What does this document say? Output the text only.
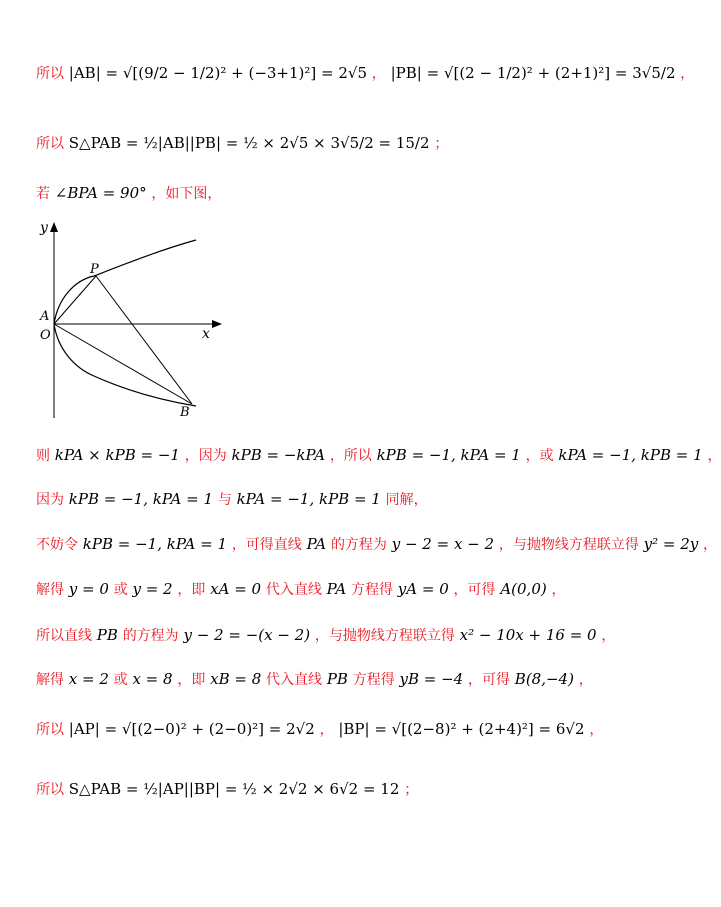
所以 |AB| = √[(9/2 − 1/2)² + (−3+1)²] = 2√5 ， |PB| = √[(2 − 1/2)² + (2+1)²] = 3√5/2 ，
所以 S△PAB = ½|AB||PB| = ½ × 2√5 × 3√5/2 = 15/2 ；
若 ∠BPA = 90° ，如下图，
y
x
A
O
P
B
则 kPA × kPB = −1 ，因为 kPB = −kPA ，所以 kPB = −1, kPA = 1 ，或 kPA = −1, kPB = 1 ，
因为 kPB = −1, kPA = 1 与 kPA = −1, kPB = 1 同解，
不妨令 kPB = −1, kPA = 1 ，可得直线 PA 的方程为 y − 2 = x − 2 ，与抛物线方程联立得 y² = 2y ，
解得 y = 0 或 y = 2 ，即 xA = 0 代入直线 PA 方程得 yA = 0 ，可得 A(0,0) ，
所以直线 PB 的方程为 y − 2 = −(x − 2) ，与抛物线方程联立得 x² − 10x + 16 = 0 ，
解得 x = 2 或 x = 8 ，即 xB = 8 代入直线 PB 方程得 yB = −4 ，可得 B(8,−4) ，
所以 |AP| = √[(2−0)² + (2−0)²] = 2√2 ， |BP| = √[(2−8)² + (2+4)²] = 6√2 ，
所以 S△PAB = ½|AP||BP| = ½ × 2√2 × 6√2 = 12 ；
